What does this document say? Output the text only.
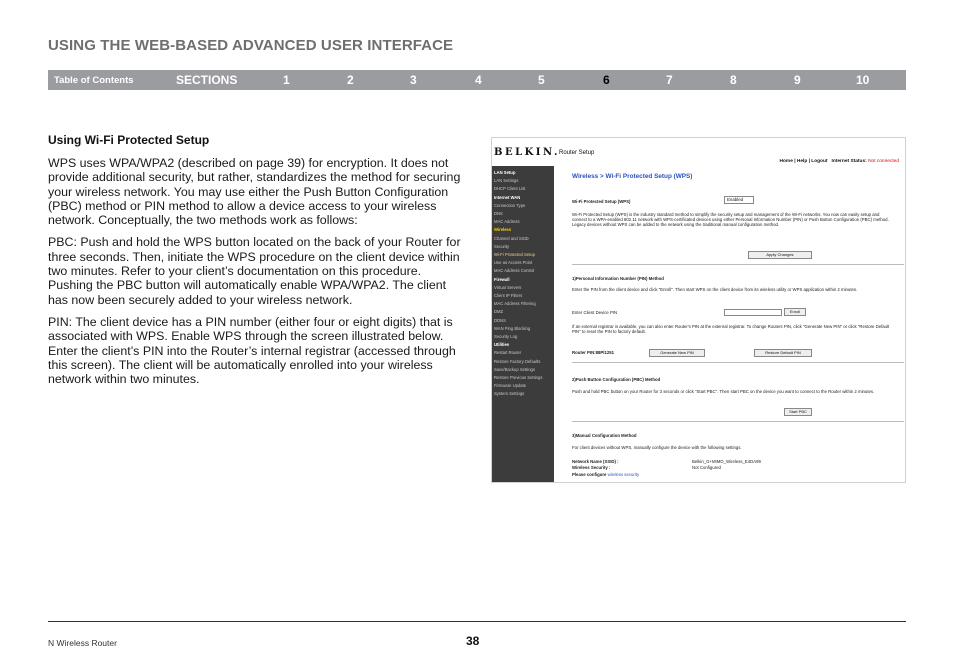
USING THE WEB-BASED ADVANCED USER INTERFACE
Table of Contents	SECTIONS	1	2	3	4	5	6	7	8	9	10
Using Wi-Fi Protected Setup

WPS uses WPA/WPA2 (described on page 39) for encryption. It does not provide additional security, but rather, standardizes the method for securing your wireless network. You may use either the Push Button Configuration (PBC) method or PIN method to allow a device access to your wireless network. Conceptually, the two methods work as follows:

PBC: Push and hold the WPS button located on the back of your Router for three seconds. Then, initiate the WPS procedure on the client device within two minutes. Refer to your client’s documentation on this procedure. Pushing the PBC button will automatically enable WPA/WPA2. The client has now been securely added to your wireless network.

PIN: The client device has a PIN number (either four or eight digits) that is associated with WPS. Enable WPS through the screen illustrated below. Enter the client’s PIN into the Router’s internal registrar (accessed through this screen). The client will be automatically enrolled into your wireless network within two minutes.

BELKIN. Router Setup
Home | Help | Logout Internet Status: Not connected
LAN Setup
LAN Settings
DHCP Client List
Internet WAN
Connection Type
DNS
MAC Address
Wireless
Channel and SSID
Security
Wi-Fi Protected Setup
Use as Access Point
MAC Address Control
Firewall
Virtual Servers
Client IP Filters
MAC Address Filtering
DMZ
DDNS
WAN Ping Blocking
Security Log
Utilities
Restart Router
Restore Factory Defaults
Save/Backup Settings
Restore Previous Settings
Firmware Update
System Settings
Wireless > Wi-Fi Protected Setup (WPS)
Wi-Fi Protected Setup (WPS)	Enabled
Wi-Fi Protected Setup (WPS) is the industry standard method to simplify the security setup and management of the Wi-Fi networks. You now can easily setup and connect to a WPA-enabled 802.11 network with WPS-certificated devices using either Personal Information Number (PIN) or Push Button Configuration (PBC) method. Legacy devices without WPS can be added to the network using the traditional manual configuration method.
Apply Changes
1)Personal Information Number (PIN) Method
Enter the PIN from the client device and click "Enroll". Then start WPS on the client device from its wireless utility or WPS application within 2 minutes.
Enter Client Device PIN	Enroll
If an external registrar is available, you can also enter Router's PIN at the external registrar. To change Routers PIN, click "Generate New PIN" or click "Restore Default PIN" to reset the PIN to factory default.
Router PIN:88Pl1251	Generate New PIN	Restore Default PIN
2)Push Button Configuration (PBC) Method
Push and hold PBC button on your Router for 3 seconds or click "Start PBC". Then start PBC on the device you want to connect to the Router within 2 minutes.
Start PBC
3)Manual Configuration Method
For client devices without WPS, manually configure the device with the following settings.
Network Name (SSID) :	Belkin_G+MIMO_Wireless_E4DA99
Wireless Security :	Not Configured
Please configure wireless security
N Wireless Router	38
